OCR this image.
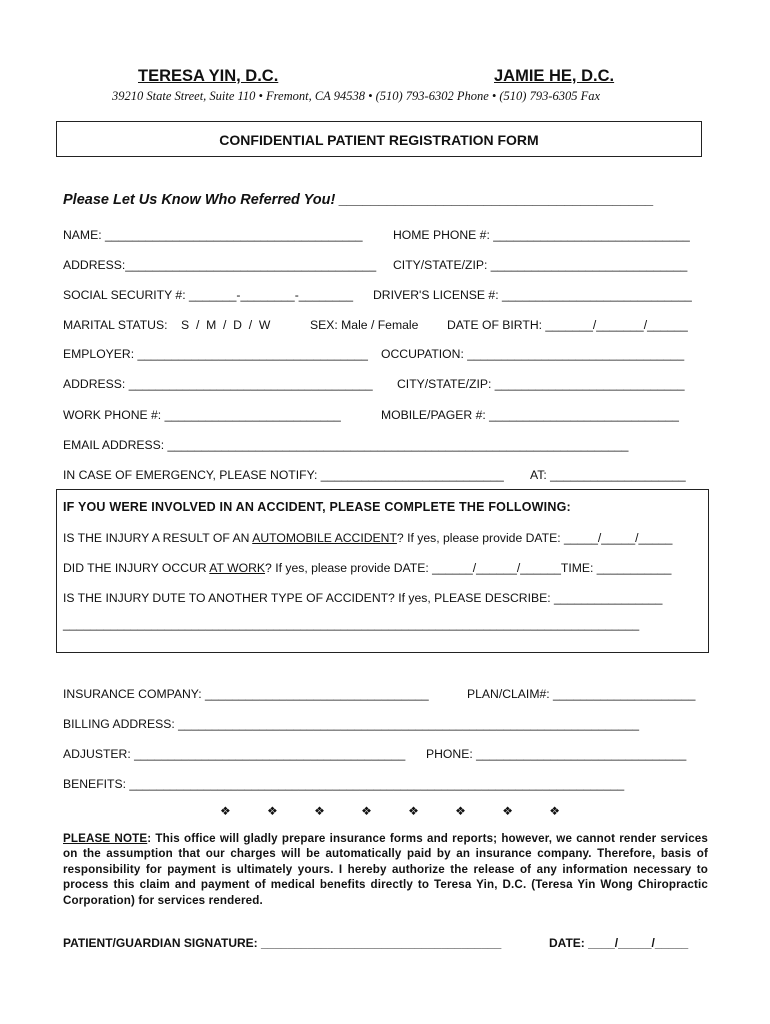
TERESA YIN, D.C.	JAMIE HE, D.C.
39210 State Street, Suite 110 • Fremont, CA 94538 • (510) 793-6302 Phone • (510) 793-6305 Fax
CONFIDENTIAL PATIENT REGISTRATION FORM
Please Let Us Know Who Referred You! _______________________________________
NAME: ______________________________________ HOME PHONE #: _____________________________
ADDRESS:_____________________________________ CITY/STATE/ZIP: _____________________________
SOCIAL SECURITY #: _______-________-________ DRIVER'S LICENSE #: ____________________________
MARITAL STATUS:    S  /  M  /  D  /  W	SEX: Male / Female DATE OF BIRTH: _______/_______/______
EMPLOYER: __________________________________ OCCUPATION: ________________________________
ADDRESS: ____________________________________ CITY/STATE/ZIP: ____________________________
WORK PHONE #: __________________________	MOBILE/PAGER #: ____________________________
EMAIL ADDRESS: ____________________________________________________________________
IN CASE OF EMERGENCY, PLEASE NOTIFY: ___________________________ AT: ____________________
IF YOU WERE INVOLVED IN AN ACCIDENT, PLEASE COMPLETE THE FOLLOWING:
IS THE INJURY A RESULT OF AN AUTOMOBILE ACCIDENT? If yes, please provide DATE: _____/_____/_____
DID THE INJURY OCCUR AT WORK? If yes, please provide DATE: ______/______/______TIME: ___________
IS THE INJURY DUTE TO ANOTHER TYPE OF ACCIDENT? If yes, PLEASE DESCRIBE: ________________
_____________________________________________________________________________________
INSURANCE COMPANY: _________________________________	PLAN/CLAIM#: _____________________
BILLING ADDRESS: ____________________________________________________________________
ADJUSTER: ________________________________________ PHONE: _______________________________
BENEFITS: _________________________________________________________________________
❖	❖	❖	❖	❖	❖	❖	❖
PLEASE NOTE: This office will gladly prepare insurance forms and reports; however, we cannot render services on the assumption that our charges will be automatically paid by an insurance company. Therefore, basis of responsibility for payment is ultimately yours. I hereby authorize the release of any information necessary to process this claim and payment of medical benefits directly to Teresa Yin, D.C. (Teresa Yin Wong Chiropractic Corporation) for services rendered.
PATIENT/GUARDIAN SIGNATURE: ____________________________________	DATE: ____/_____/_____
